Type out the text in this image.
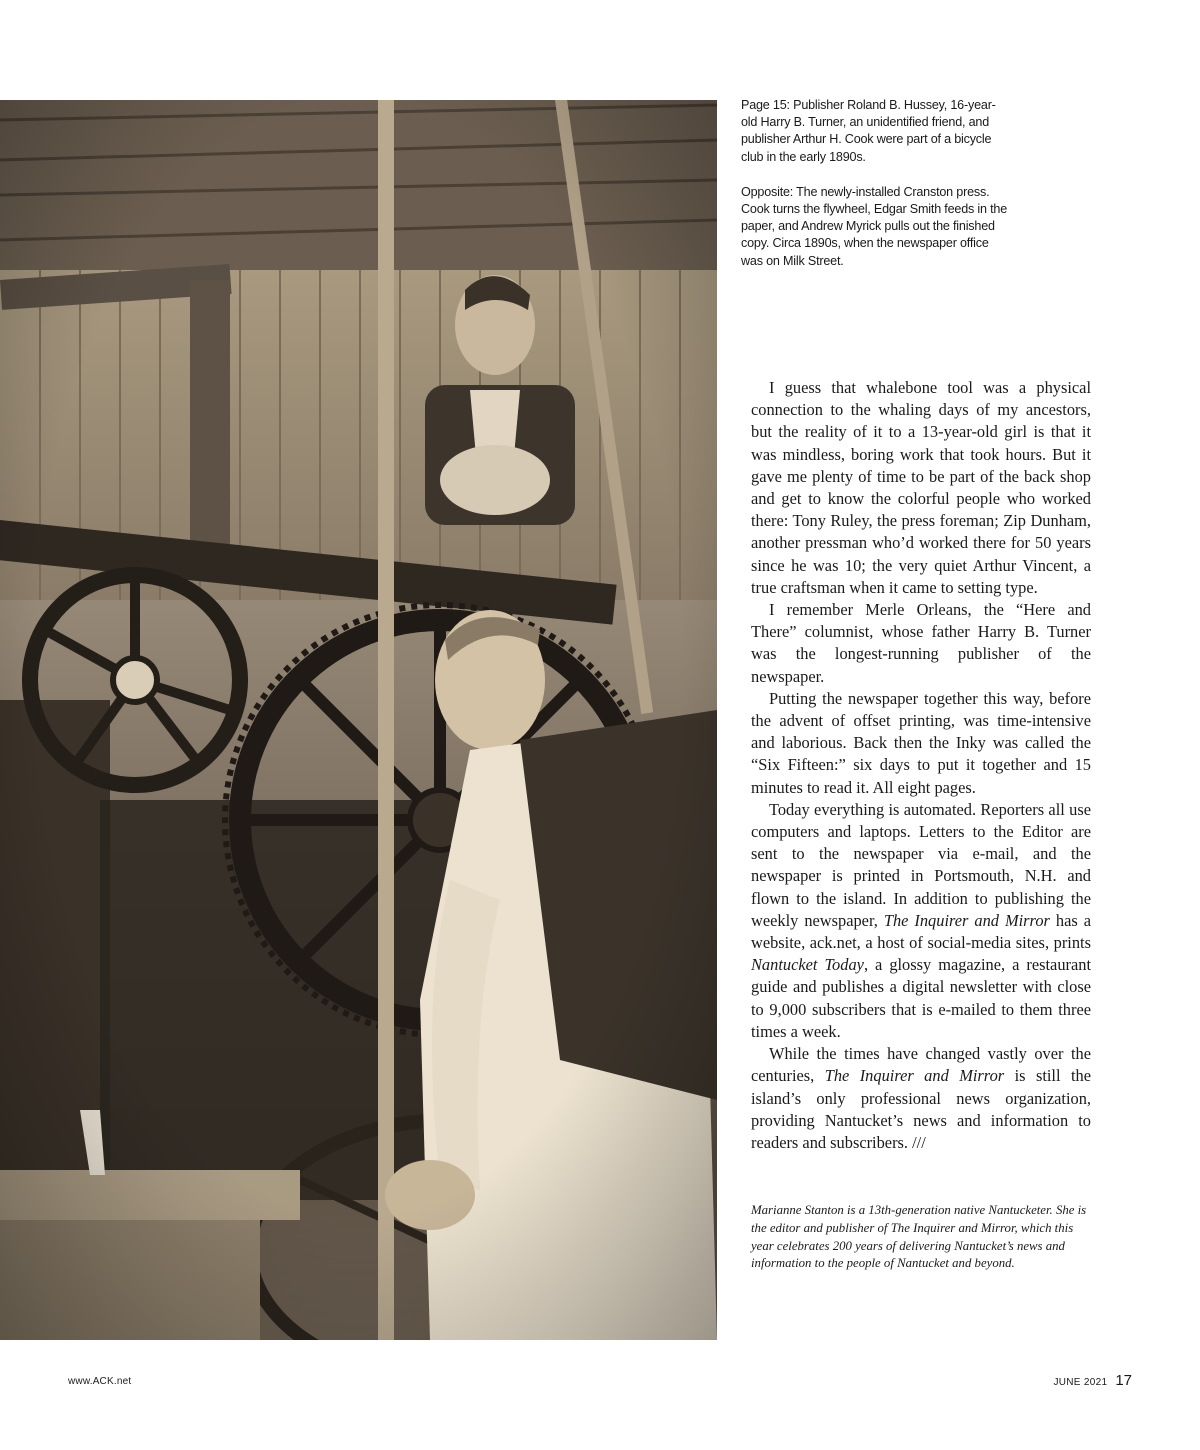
Page 15: Publisher Roland B. Hussey, 16-year-old Harry B. Turner, an unidentified friend, and publisher Arthur H. Cook were part of a bicycle club in the early 1890s.

Opposite: The newly-installed Cranston press. Cook turns the flywheel, Edgar Smith feeds in the paper, and Andrew Myrick pulls out the finished copy. Circa 1890s, when the newspaper office was on Milk Street.

I guess that whalebone tool was a physical connection to the whaling days of my ancestors, but the reality of it to a 13-year-old girl is that it was mindless, boring work that took hours. But it gave me plenty of time to be part of the back shop and get to know the colorful people who worked there: Tony Ruley, the press foreman; Zip Dunham, another pressman who’d worked there for 50 years since he was 10; the very quiet Arthur Vincent, a true craftsman when it came to setting type.

I remember Merle Orleans, the “Here and There” columnist, whose father Harry B. Turner was the longest-running publisher of the newspaper.

Putting the newspaper together this way, before the advent of offset printing, was time-intensive and laborious. Back then the Inky was called the “Six Fifteen:” six days to put it together and 15 minutes to read it. All eight pages.

Today everything is automated. Reporters all use computers and laptops. Letters to the Editor are sent to the newspaper via e-mail, and the newspaper is printed in Portsmouth, N.H. and flown to the island. In addition to publishing the weekly newspaper, The Inquirer and Mirror has a website, ack.net, a host of social-media sites, prints Nantucket Today, a glossy magazine, a restaurant guide and publishes a digital newsletter with close to 9,000 subscribers that is e-mailed to them three times a week.

While the times have changed vastly over the centuries, The Inquirer and Mirror is still the island’s only professional news organization, providing Nantucket’s news and information to readers and subscribers. ///

Marianne Stanton is a 13th-generation native Nantucketer. She is the editor and publisher of The Inquirer and Mirror, which this year celebrates 200 years of delivering Nantucket’s news and information to the people of Nantucket and beyond.
www.ACK.net	JUNE 2021 17
